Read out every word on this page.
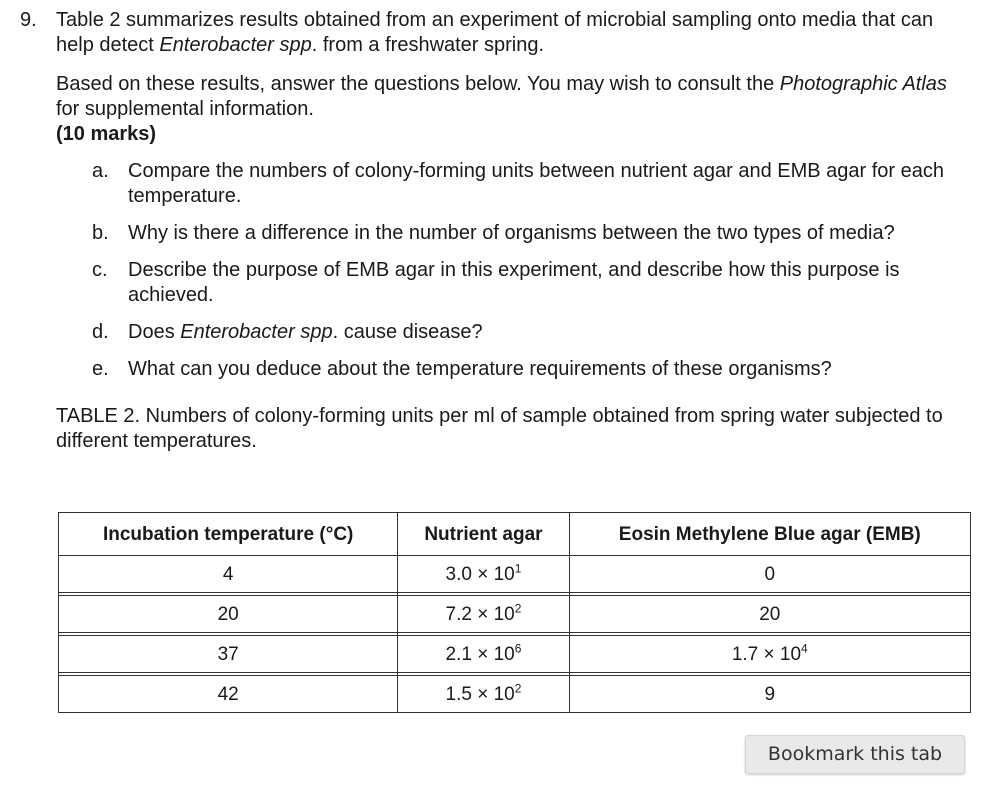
9. Table 2 summarizes results obtained from an experiment of microbial sampling onto media that can help detect Enterobacter spp. from a freshwater spring.

Based on these results, answer the questions below. You may wish to consult the Photographic Atlas for supplemental information.
(10 marks)
a. Compare the numbers of colony-forming units between nutrient agar and EMB agar for each temperature.
b. Why is there a difference in the number of organisms between the two types of media?
c.	Describe the purpose of EMB agar in this experiment, and describe how this purpose is achieved.
d. Does Enterobacter spp. cause disease?
e. What can you deduce about the temperature requirements of these organisms?
TABLE 2. Numbers of colony-forming units per ml of sample obtained from spring water subjected to different temperatures.
Incubation temperature (°C)	Nutrient agar	Eosin Methylene Blue agar (EMB)
4	$3.0 \times 10^1$	0

20	$7.2 \times 10^2$	20

37	$2.1 \times 10^6$	$1.7 \times 10^4$

42	$1.5 \times 10^2$	9
Bookmark this tab
